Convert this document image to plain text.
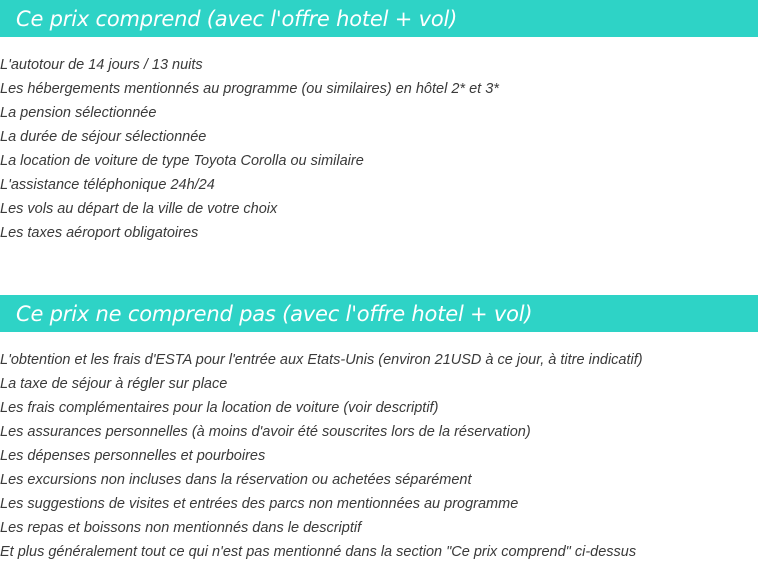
Ce prix comprend (avec l'offre hotel + vol)
L'autotour de 14 jours / 13 nuits
Les hébergements mentionnés au programme (ou similaires) en hôtel 2* et 3*
La pension sélectionnée
La durée de séjour sélectionnée
La location de voiture de type Toyota Corolla ou similaire
L'assistance téléphonique 24h/24
Les vols au départ de la ville de votre choix
Les taxes aéroport obligatoires
Ce prix ne comprend pas (avec l'offre hotel + vol)
L'obtention et les frais d'ESTA pour l'entrée aux Etats-Unis (environ 21USD à ce jour, à titre indicatif)
La taxe de séjour à régler sur place
Les frais complémentaires pour la location de voiture (voir descriptif)
Les assurances personnelles (à moins d'avoir été souscrites lors de la réservation)
Les dépenses personnelles et pourboires
Les excursions non incluses dans la réservation ou achetées séparément
Les suggestions de visites et entrées des parcs non mentionnées au programme
Les repas et boissons non mentionnés dans le descriptif
Et plus généralement tout ce qui n'est pas mentionné dans la section "Ce prix comprend" ci-dessus
